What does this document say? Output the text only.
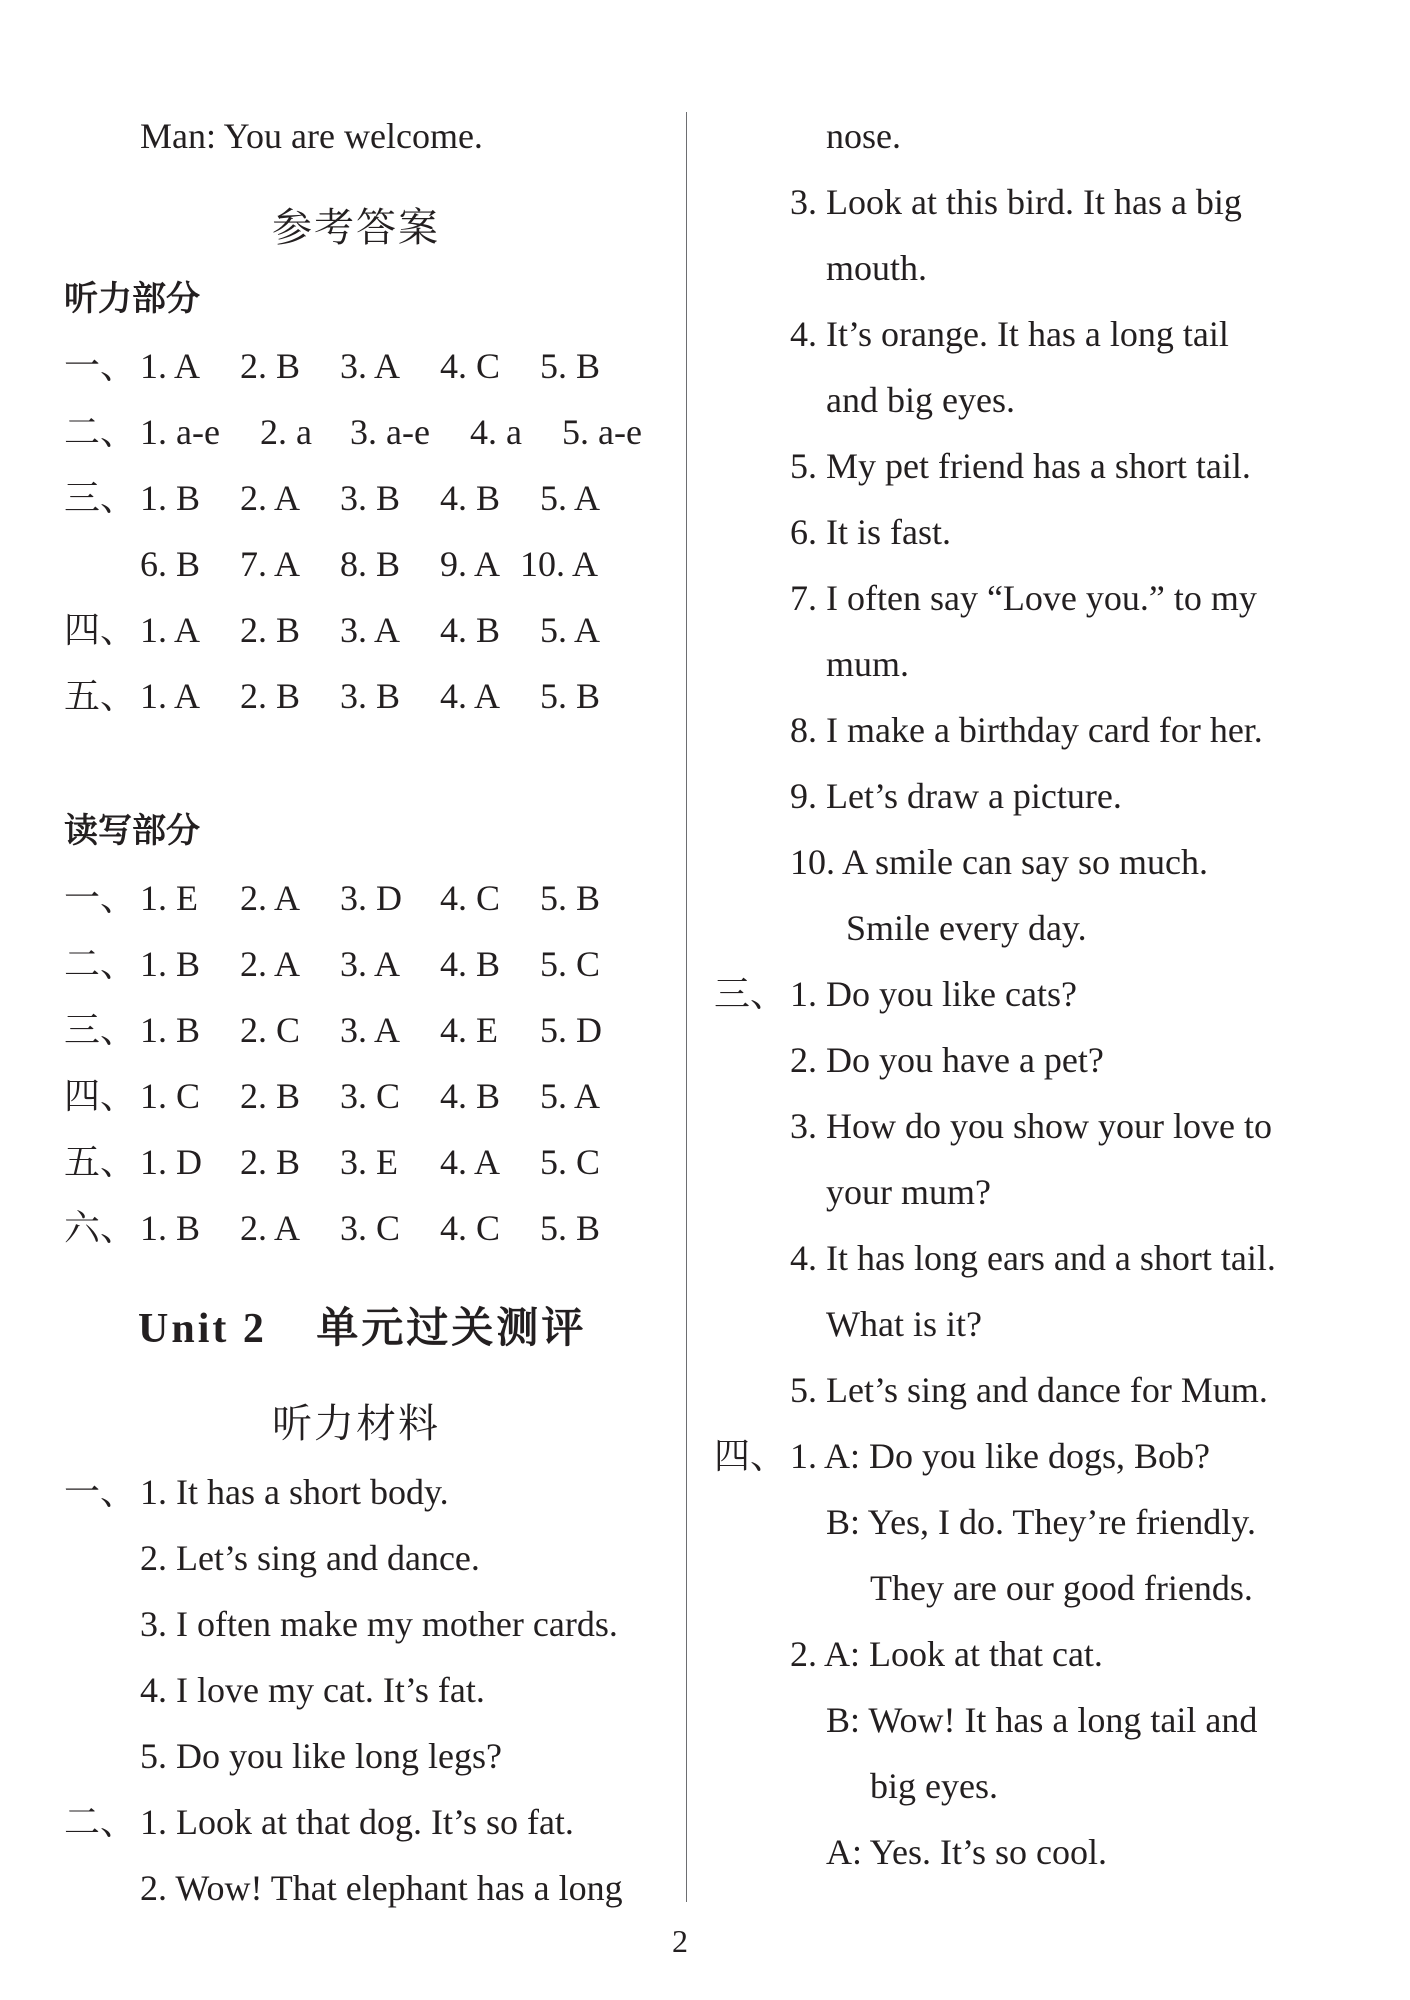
Man: You are welcome.
参考答案
听力部分
一、 1. A 2. B 3. A 4. C 5. B
二、 1. a-e 2. a 3. a-e 4. a 5. a-e
三、 1. B 2. A 3. B 4. B 5. A
6. B 7. A 8. B 9. A 10. A
四、 1. A 2. B 3. A 4. B 5. A
五、 1. A 2. B 3. B 4. A 5. B
读写部分
一、 1. E 2. A 3. D 4. C 5. B
二、 1. B 2. A 3. A 4. B 5. C
三、 1. B 2. C 3. A 4. E 5. D
四、 1. C 2. B 3. C 4. B 5. A
五、 1. D 2. B 3. E 4. A 5. C
六、 1. B 2. A 3. C 4. C 5. B
Unit 2 单元过关测评
听力材料
一、 1. It has a short body.
2. Let’s sing and dance.
3. I often make my mother cards.
4. I love my cat. It’s fat.
5. Do you like long legs?
二、 1. Look at that dog. It’s so fat.
2. Wow! That elephant has a long
nose.
3. Look at this bird. It has a big
mouth.
4. It’s orange. It has a long tail
and big eyes.
5. My pet friend has a short tail.
6. It is fast.
7. I often say “Love you.” to my
mum.
8. I make a birthday card for her.
9. Let’s draw a picture.
10. A smile can say so much.
Smile every day.
三、 1. Do you like cats?
2. Do you have a pet?
3. How do you show your love to
your mum?
4. It has long ears and a short tail.
What is it?
5. Let’s sing and dance for Mum.
四、 1. A: Do you like dogs, Bob?
B: Yes, I do. They’re friendly.
They are our good friends.
2. A: Look at that cat.
B: Wow! It has a long tail and
big eyes.
A: Yes. It’s so cool.
2
